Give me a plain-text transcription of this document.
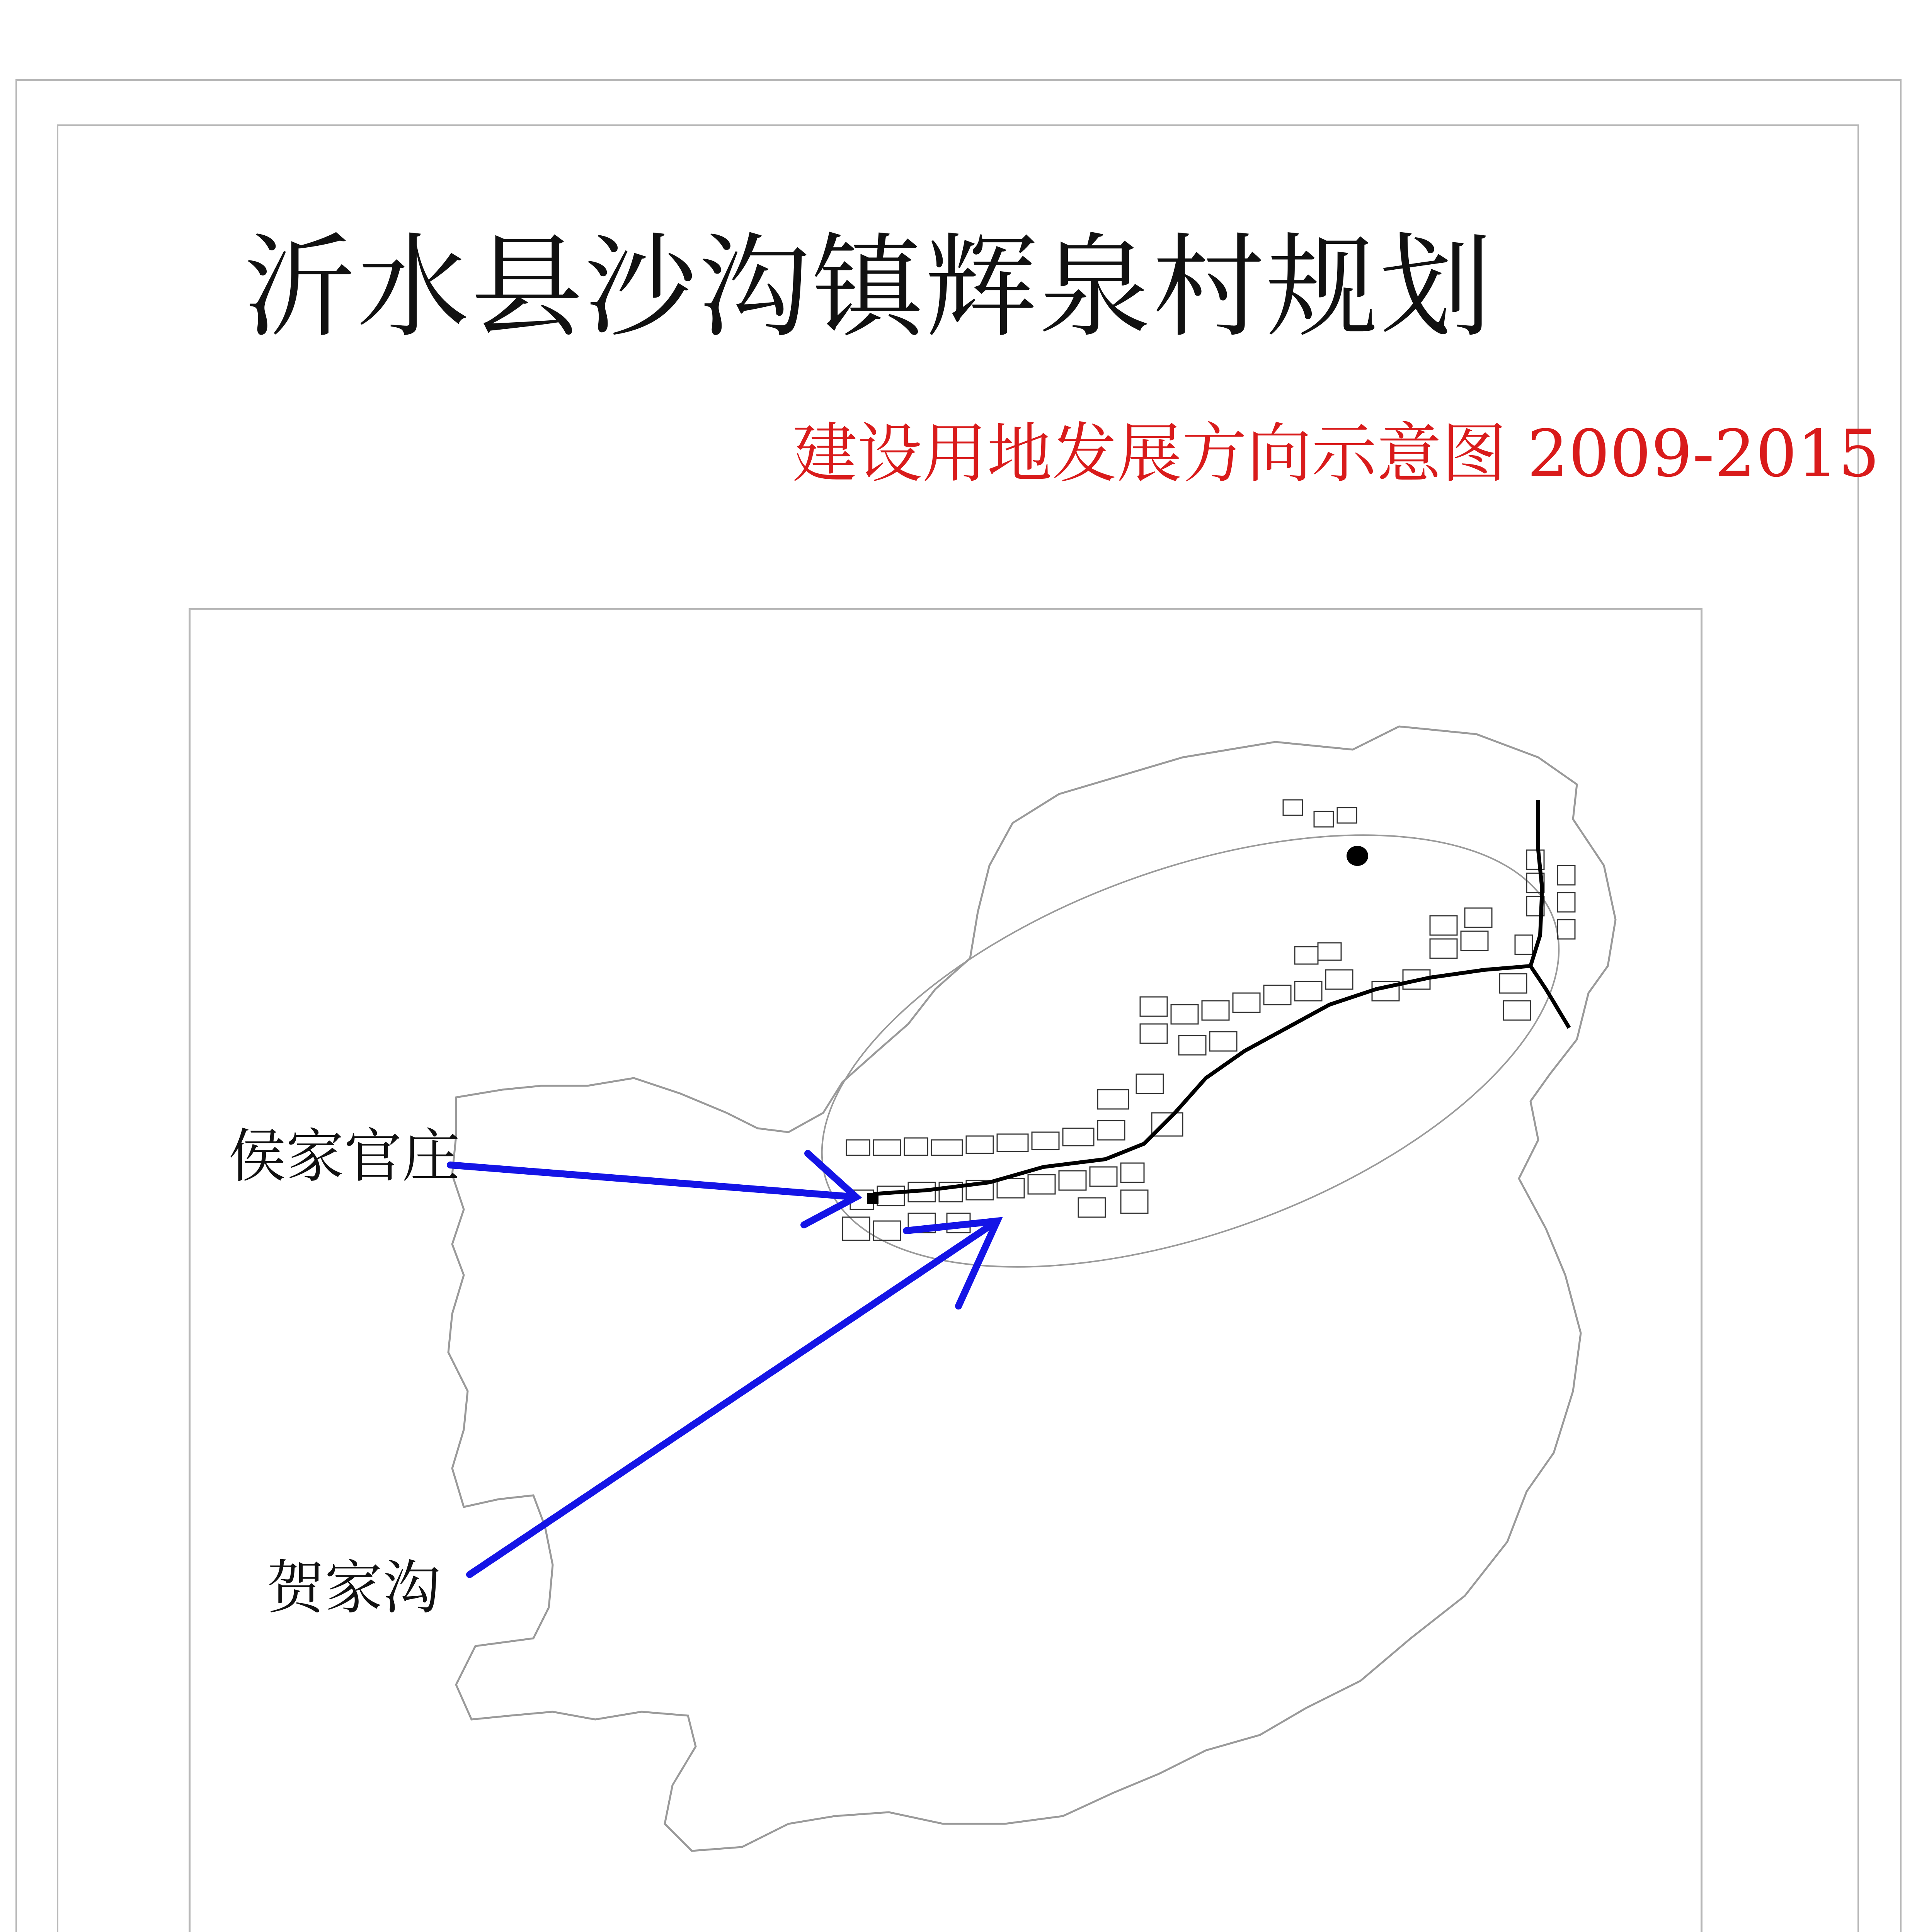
沂水县沙沟镇辉泉村规划
建设用地发展方向示意图 2009-2015
侯家官庄
贺家沟
